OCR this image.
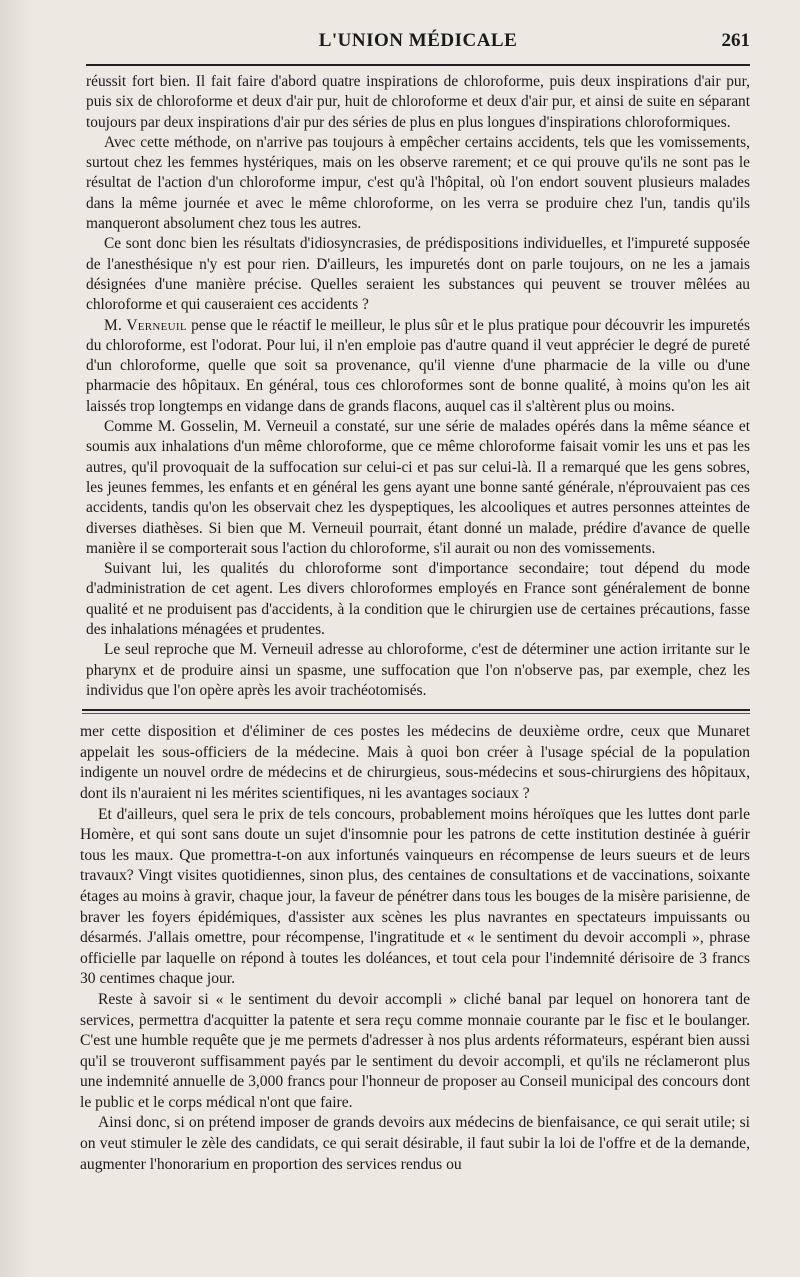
L'UNION MÉDICALE	261

réussit fort bien. Il fait faire d'abord quatre inspirations de chloroforme, puis deux inspirations d'air pur, puis six de chloroforme et deux d'air pur, huit de chloroforme et deux d'air pur, et ainsi de suite en séparant toujours par deux inspirations d'air pur des séries de plus en plus longues d'inspirations chloroformiques.

Avec cette méthode, on n'arrive pas toujours à empêcher certains accidents, tels que les vomissements, surtout chez les femmes hystériques, mais on les observe rarement; et ce qui prouve qu'ils ne sont pas le résultat de l'action d'un chloroforme impur, c'est qu'à l'hôpital, où l'on endort souvent plusieurs malades dans la même journée et avec le même chloroforme, on les verra se produire chez l'un, tandis qu'ils manqueront absolument chez tous les autres.

Ce sont donc bien les résultats d'idiosyncrasies, de prédispositions individuelles, et l'impureté supposée de l'anesthésique n'y est pour rien. D'ailleurs, les impuretés dont on parle toujours, on ne les a jamais désignées d'une manière précise. Quelles seraient les substances qui peuvent se trouver mêlées au chloroforme et qui causeraient ces accidents ?

M. Verneuil pense que le réactif le meilleur, le plus sûr et le plus pratique pour découvrir les impuretés du chloroforme, est l'odorat. Pour lui, il n'en emploie pas d'autre quand il veut apprécier le degré de pureté d'un chloroforme, quelle que soit sa provenance, qu'il vienne d'une pharmacie de la ville ou d'une pharmacie des hôpitaux. En général, tous ces chloroformes sont de bonne qualité, à moins qu'on les ait laissés trop longtemps en vidange dans de grands flacons, auquel cas il s'altèrent plus ou moins.

Comme M. Gosselin, M. Verneuil a constaté, sur une série de malades opérés dans la même séance et soumis aux inhalations d'un même chloroforme, que ce même chloroforme faisait vomir les uns et pas les autres, qu'il provoquait de la suffocation sur celui-ci et pas sur celui-là. Il a remarqué que les gens sobres, les jeunes femmes, les enfants et en général les gens ayant une bonne santé générale, n'éprouvaient pas ces accidents, tandis qu'on les observait chez les dyspeptiques, les alcooliques et autres personnes atteintes de diverses diathèses. Si bien que M. Verneuil pourrait, étant donné un malade, prédire d'avance de quelle manière il se comporterait sous l'action du chloroforme, s'il aurait ou non des vomissements.

Suivant lui, les qualités du chloroforme sont d'importance secondaire; tout dépend du mode d'administration de cet agent. Les divers chloroformes employés en France sont généralement de bonne qualité et ne produisent pas d'accidents, à la condition que le chirurgien use de certaines précautions, fasse des inhalations ménagées et prudentes.

Le seul reproche que M. Verneuil adresse au chloroforme, c'est de déterminer une action irritante sur le pharynx et de produire ainsi un spasme, une suffocation que l'on n'observe pas, par exemple, chez les individus que l'on opère après les avoir trachéotomisés.

mer cette disposition et d'éliminer de ces postes les médecins de deuxième ordre, ceux que Munaret appelait les sous-officiers de la médecine. Mais à quoi bon créer à l'usage spécial de la population indigente un nouvel ordre de médecins et de chirurgieus, sous-médecins et sous-chirurgiens des hôpitaux, dont ils n'auraient ni les mérites scientifiques, ni les avantages sociaux ?

Et d'ailleurs, quel sera le prix de tels concours, probablement moins héroïques que les luttes dont parle Homère, et qui sont sans doute un sujet d'insomnie pour les patrons de cette institution destinée à guérir tous les maux. Que promettra-t-on aux infortunés vainqueurs en récompense de leurs sueurs et de leurs travaux? Vingt visites quotidiennes, sinon plus, des centaines de consultations et de vaccinations, soixante étages au moins à gravir, chaque jour, la faveur de pénétrer dans tous les bouges de la misère parisienne, de braver les foyers épidémiques, d'assister aux scènes les plus navrantes en spectateurs impuissants ou désarmés. J'allais omettre, pour récompense, l'ingratitude et « le sentiment du devoir accompli », phrase officielle par laquelle on répond à toutes les doléances, et tout cela pour l'indemnité dérisoire de 3 francs 30 centimes chaque jour.

Reste à savoir si « le sentiment du devoir accompli » cliché banal par lequel on honorera tant de services, permettra d'acquitter la patente et sera reçu comme monnaie courante par le fisc et le boulanger. C'est une humble requête que je me permets d'adresser à nos plus ardents réformateurs, espérant bien aussi qu'il se trouveront suffisamment payés par le sentiment du devoir accompli, et qu'ils ne réclameront plus une indemnité annuelle de 3,000 francs pour l'honneur de proposer au Conseil municipal des concours dont le public et le corps médical n'ont que faire.

Ainsi donc, si on prétend imposer de grands devoirs aux médecins de bienfaisance, ce qui serait utile; si on veut stimuler le zèle des candidats, ce qui serait désirable, il faut subir la loi de l'offre et de la demande, augmenter l'honorarium en proportion des services rendus ou
